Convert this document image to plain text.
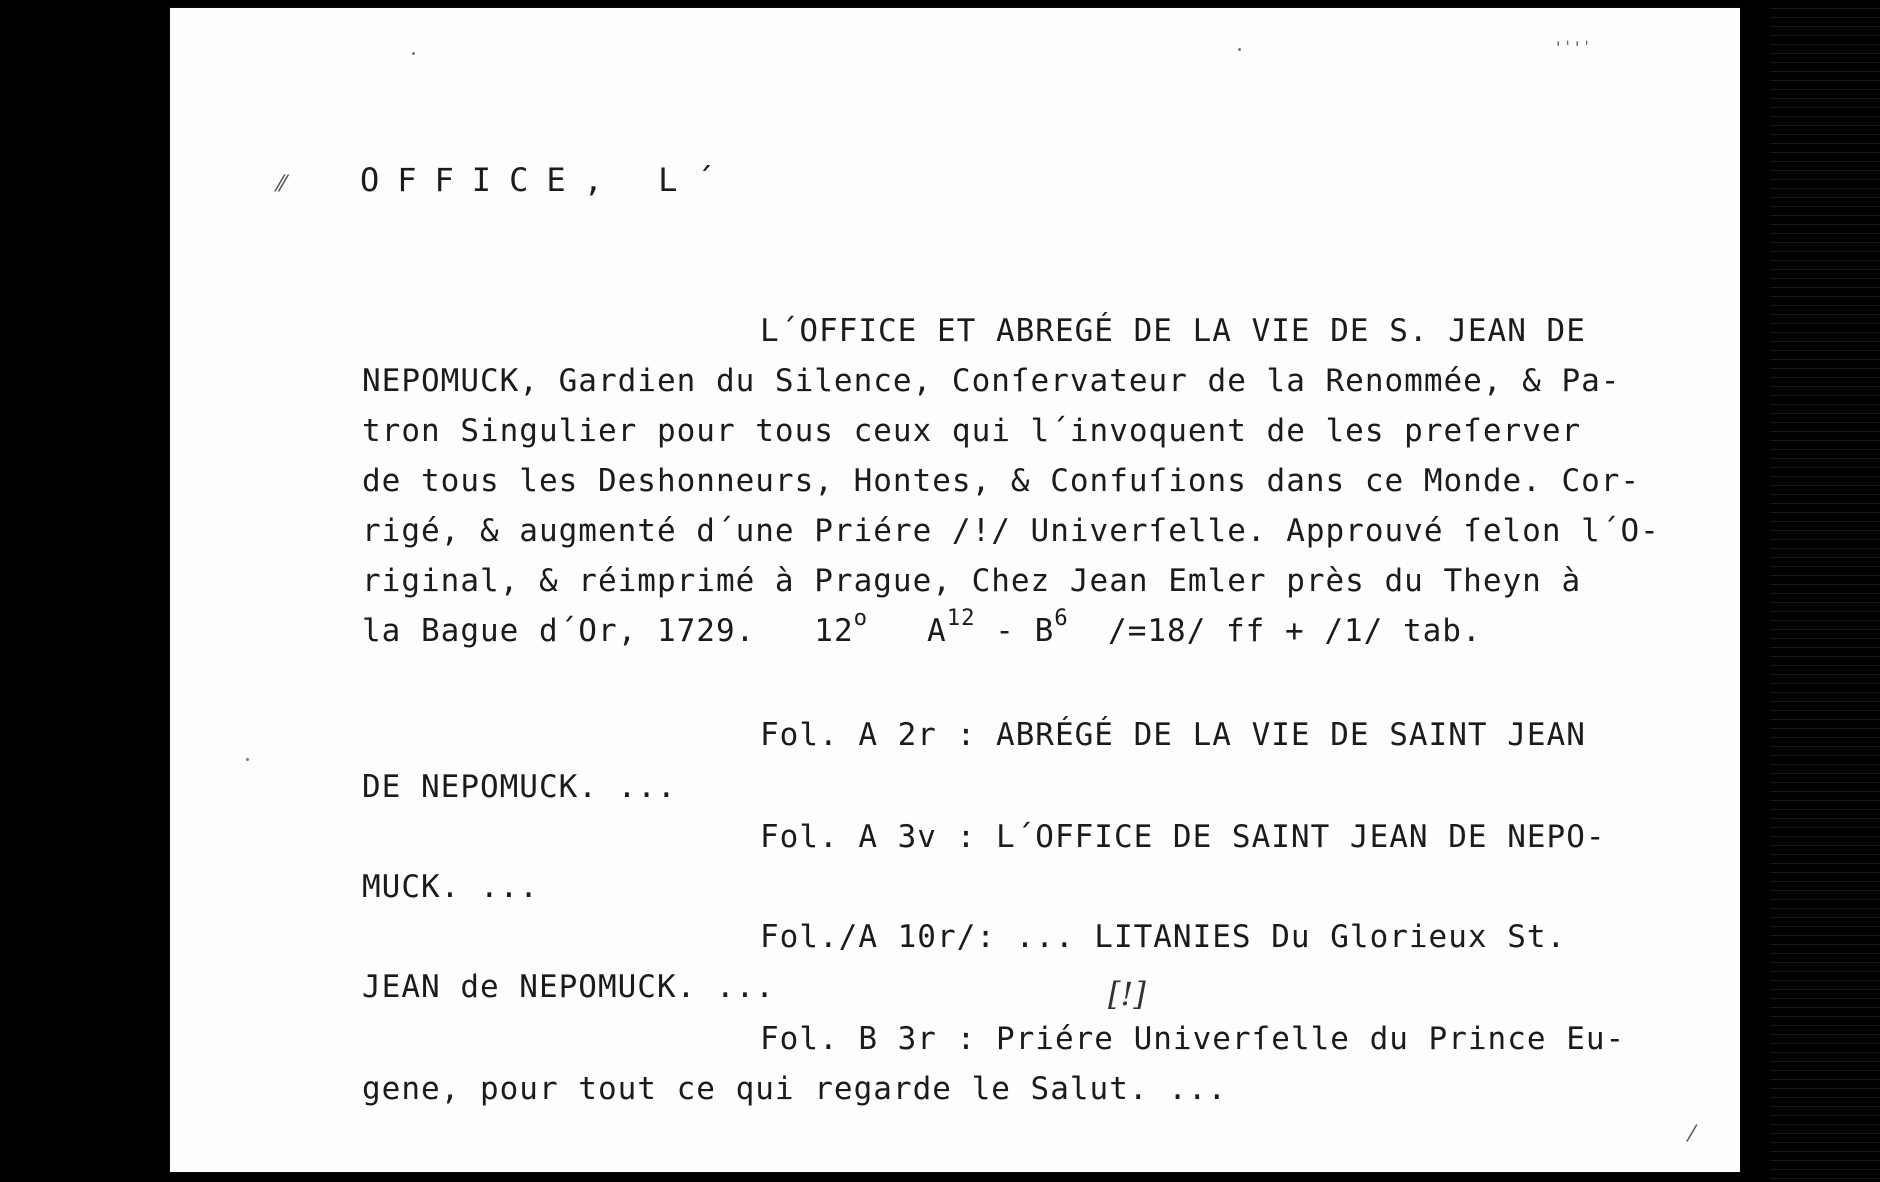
⁄⁄
⁄
' ˈ ' ˈ
OFFICE, L´
L´OFFICE ET ABREGÉ DE LA VIE DE S. JEAN DE
NEPOMUCK, Gardien du Silence, Conſervateur de la Renommée, & Pa-
tron Singulier pour tous ceux qui l´invoquent de les preſerver
de tous les Deshonneurs, Hontes, & Confuſions dans ce Monde. Cor-
rigé, & augmenté d´une Priére /!/ Univerſelle. Approuvé ſelon l´O-
riginal, & réimprimé à Prague, Chez Jean Emler près du Theyn à
la Bague d´Or, 1729. 12$^o$ $A^{12} - B^6$ /=18/ ff + /1/ tab.
Fol. A 2r : ABRÉGÉ DE LA VIE DE SAINT JEAN
DE NEPOMUCK. ...
Fol. A 3v : L´OFFICE DE SAINT JEAN DE NEPO-
MUCK. ...
Fol./A 10r/: ... LITANIES Du Glorieux St.
JEAN de NEPOMUCK. ...	[!]
Fol. B 3r : Priére Univerſelle du Prince Eu-
gene, pour tout ce qui regarde le Salut. ...
